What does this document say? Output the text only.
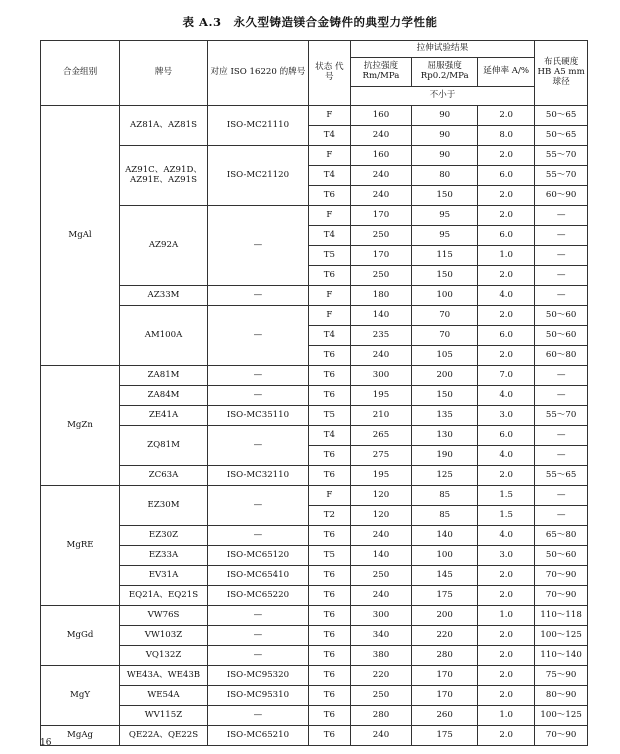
表 A.3　永久型铸造镁合金铸件的典型力学性能
合金组别	牌号	对应 ISO 16220 的牌号	状态 代号	拉伸试验结果			布氏硬度 HB A5 mm 球径
				抗拉强度 Rm/MPa	屈服强度 Rp0.2/MPa	延伸率 A/%	
				不小于			
MgAl	AZ81A、AZ81S	ISO-MC21110	F	160	90	2.0	50～65
			T4	240	90	8.0	50～65
	AZ91C、AZ91D、 AZ91E、AZ91S	ISO-MC21120	F	160	90	2.0	55～70
			T4	240	80	6.0	55～70
			T6	240	150	2.0	60～90
	AZ92A	—	F	170	95	2.0	—
			T4	250	95	6.0	—
			T5	170	115	1.0	—
			T6	250	150	2.0	—
	AZ33M	—	F	180	100	4.0	—
	AM100A	—	F	140	70	2.0	50～60
			T4	235	70	6.0	50～60
			T6	240	105	2.0	60～80
MgZn	ZA81M	—	T6	300	200	7.0	—
	ZA84M	—	T6	195	150	4.0	—
	ZE41A	ISO-MC35110	T5	210	135	3.0	55～70
	ZQ81M	—	T4	265	130	6.0	—
			T6	275	190	4.0	—
	ZC63A	ISO-MC32110	T6	195	125	2.0	55～65
MgRE	EZ30M	—	F	120	85	1.5	—
			T2	120	85	1.5	—
	EZ30Z	—	T6	240	140	4.0	65～80
	EZ33A	ISO-MC65120	T5	140	100	3.0	50～60
	EV31A	ISO-MC65410	T6	250	145	2.0	70～90
	EQ21A、EQ21S	ISO-MC65220	T6	240	175	2.0	70～90
MgGd	VW76S	—	T6	300	200	1.0	110～118
	VW103Z	—	T6	340	220	2.0	100～125
	VQ132Z	—	T6	380	280	2.0	110～140
MgY	WE43A、WE43B	ISO-MC95320	T6	220	170	2.0	75～90
	WE54A	ISO-MC95310	T6	250	170	2.0	80～90
	WV115Z	—	T6	280	260	1.0	100～125
MgAg	QE22A、QE22S	ISO-MC65210	T6	240	175	2.0	70～90
16
